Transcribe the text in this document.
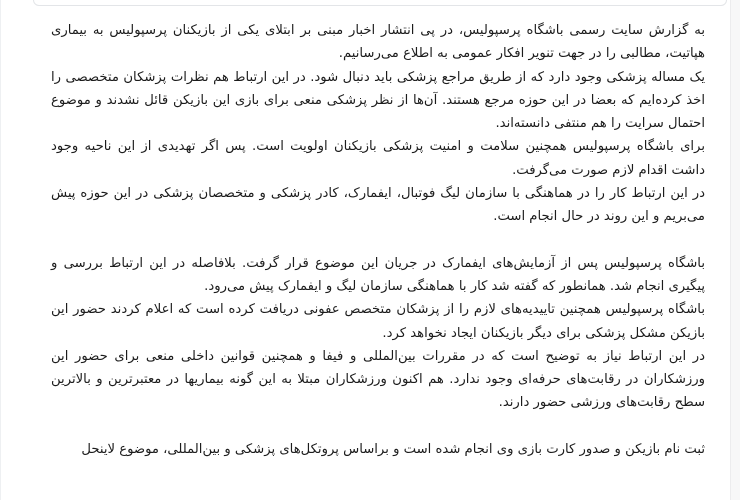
به گزارش سایت رسمی باشگاه پرسپولیس، در پی انتشار اخبار مبنی بر ابتلای یکی از بازیکنان پرسپولیس به بیماری هپاتیت، مطالبی را در جهت تنویر افکار عمومی به اطلاع می‌رسانیم.

یک مساله پزشکی وجود دارد که از طریق مراجع پزشکی باید دنبال شود. در این ارتباط هم نظرات پزشکان متخصصی را اخذ کرده‌ایم که بعضا در این حوزه مرجع هستند. آن‌ها از نظر پزشکی منعی برای بازی این بازیکن قائل نشدند و موضوع احتمال سرایت را هم منتفی دانسته‌اند.

برای باشگاه پرسپولیس همچنین سلامت و امنیت پزشکی بازیکنان اولویت است. پس اگر تهدیدی از این ناحیه وجود داشت اقدام لازم صورت می‌گرفت.

در این ارتباط کار را در هماهنگی با سازمان لیگ فوتبال، ایفمارک، کادر پزشکی و متخصصان پزشکی در این حوزه پیش می‌بریم و این روند در حال انجام است.

باشگاه پرسپولیس پس از آزمایش‌های ایفمارک در جریان این موضوع قرار گرفت. بلافاصله در این ارتباط بررسی و پیگیری انجام شد. همانطور که گفته شد کار با هماهنگی سازمان لیگ و ایفمارک پیش می‌رود.

باشگاه پرسپولیس همچنین تاییدیه‌های لازم را از پزشکان متخصص عفونی دریافت کرده است که اعلام کردند حضور این بازیکن مشکل پزشکی برای دیگر بازیکنان ایجاد نخواهد کرد.

در این ارتباط نیاز به توضیح است که در مقررات بین‌المللی و فیفا و همچنین قوانین داخلی منعی برای حضور این ورزشکاران در رقابت‌های حرفه‌ای وجود ندارد. هم اکنون ورزشکاران مبتلا به این گونه بیماریها در معتبرترین و بالاترین سطح رقابت‌های ورزشی حضور دارند.

ثبت نام بازیکن و صدور کارت بازی وی انجام شده است و براساس پروتکل‌های پزشکی و بین‌المللی، موضوع لاینحل
